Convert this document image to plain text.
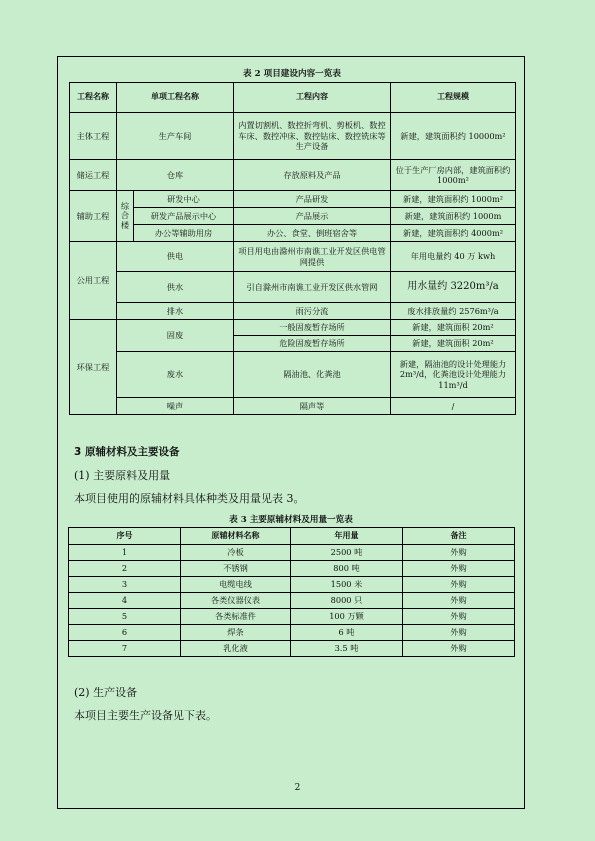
表 2 项目建设内容一览表
工程名称	单项工程名称		工程内容	工程规模
主体工程	生产车间		内置切割机、数控折弯机、剪板机、数控车床、数控冲床、数控钻床、数控铣床等生产设备	新建，建筑面积约 10000m²
储运工程	仓库		存放原料及产品	位于生产厂房内部，建筑面积约 1000m²
辅助工程	综合楼	研发中心	产品研发	新建，建筑面积约 1000m²
		研发产品展示中心	产品展示	新建，建筑面积约 1000m
		办公等辅助用房	办公、食堂、倒班宿舍等	新建，建筑面积约 4000m²
公用工程	供电		项目用电由滁州市南谯工业开发区供电管网提供	年用电量约 40 万 kwh
	供水		引自滁州市南谯工业开发区供水管网	用水量约 3220m³/a
	排水		雨污分流	废水排放量约 2576m³/a
环保工程	固废		一般固废暂存场所	新建，建筑面积 20m²
			危险固废暂存场所	新建，建筑面积 20m²
	废水		隔油池、化粪池	新建，隔油池的设计处理能力 2m³/d，化粪池设计处理能力 11m³/d
	噪声		隔声等	/
3 原辅材料及主要设备
(1) 主要原料及用量
本项目使用的原辅材料具体种类及用量见表 3。
表 3 主要原辅材料及用量一览表
序号	原辅材料名称	年用量	备注
1	冷板	2500 吨	外购
2	不锈钢	800 吨	外购
3	电缆电线	1500 米	外购
4	各类仪器仪表	8000 只	外购
5	各类标准件	100 万颗	外购
6	焊条	6 吨	外购
7	乳化液	3.5 吨	外购
(2) 生产设备
本项目主要生产设备见下表。
2
